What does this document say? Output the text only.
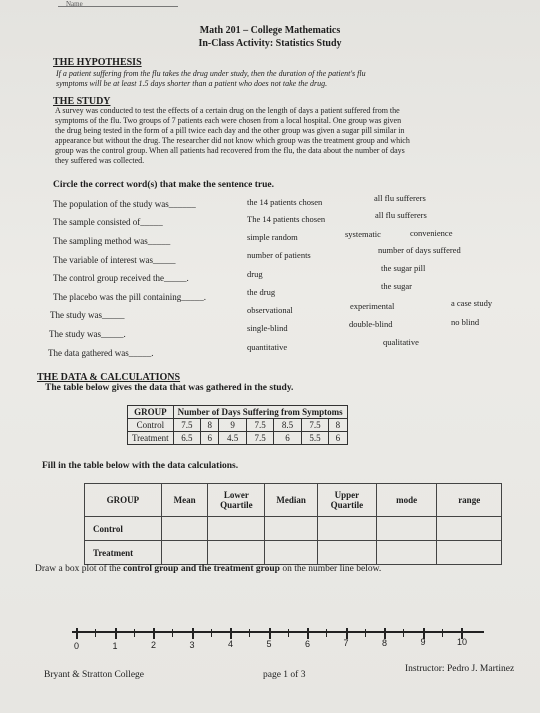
Name
Math 201 – College Mathematics
In-Class Activity: Statistics Study
THE HYPOTHESIS
If a patient suffering from the flu takes the drug under study, then the duration of the patient's flu
symptoms will be at least 1.5 days shorter than a patient who does not take the drug.
THE STUDY
A survey was conducted to test the effects of a certain drug on the length of days a patient suffered from the
symptoms of the flu. Two groups of 7 patients each were chosen from a local hospital. One group was given
the drug being tested in the form of a pill twice each day and the other group was given a sugar pill similar in
appearance but without the drug. The researcher did not know which group was the treatment group and which
group was the control group. When all patients had recovered from the flu, the data about the number of days
they suffered was collected.
Circle the correct word(s) that make the sentence true.
The population of the study was______	the 14 patients chosen	all flu sufferers
The sample consisted of_____	The 14 patients chosen	all flu sufferers
The sampling method was_____	simple random	systematic	convenience
The variable of interest was_____	number of patients	number of days suffered
The control group received the_____.	drug
the sugar pill
The placebo was the pill containing_____.	the drug
the sugar
The study was_____	observational	experimental	a case study
The study was_____.
single-blind	double-blind	no blind
The data gathered was_____.
quantitative	qualitative
THE DATA & CALCULATIONS
The table below gives the data that was gathered in the study.
GROUP	Number of Days Suffering from Symptoms						
Control	7.5	8	9	7.5	8.5	7.5	8
Treatment	6.5	6	4.5	7.5	6	5.5	6
Fill in the table below with the data calculations.
GROUP	Mean	Lower Quartile	Median	Upper Quartile	mode	range
Control						
Treatment						
Draw a box plot of the control group and the treatment group on the number line below.
0	1	2	3	4	5	6	7	8	9	10
Bryant & Stratton College	page 1 of 3
Instructor: Pedro J. Martinez
